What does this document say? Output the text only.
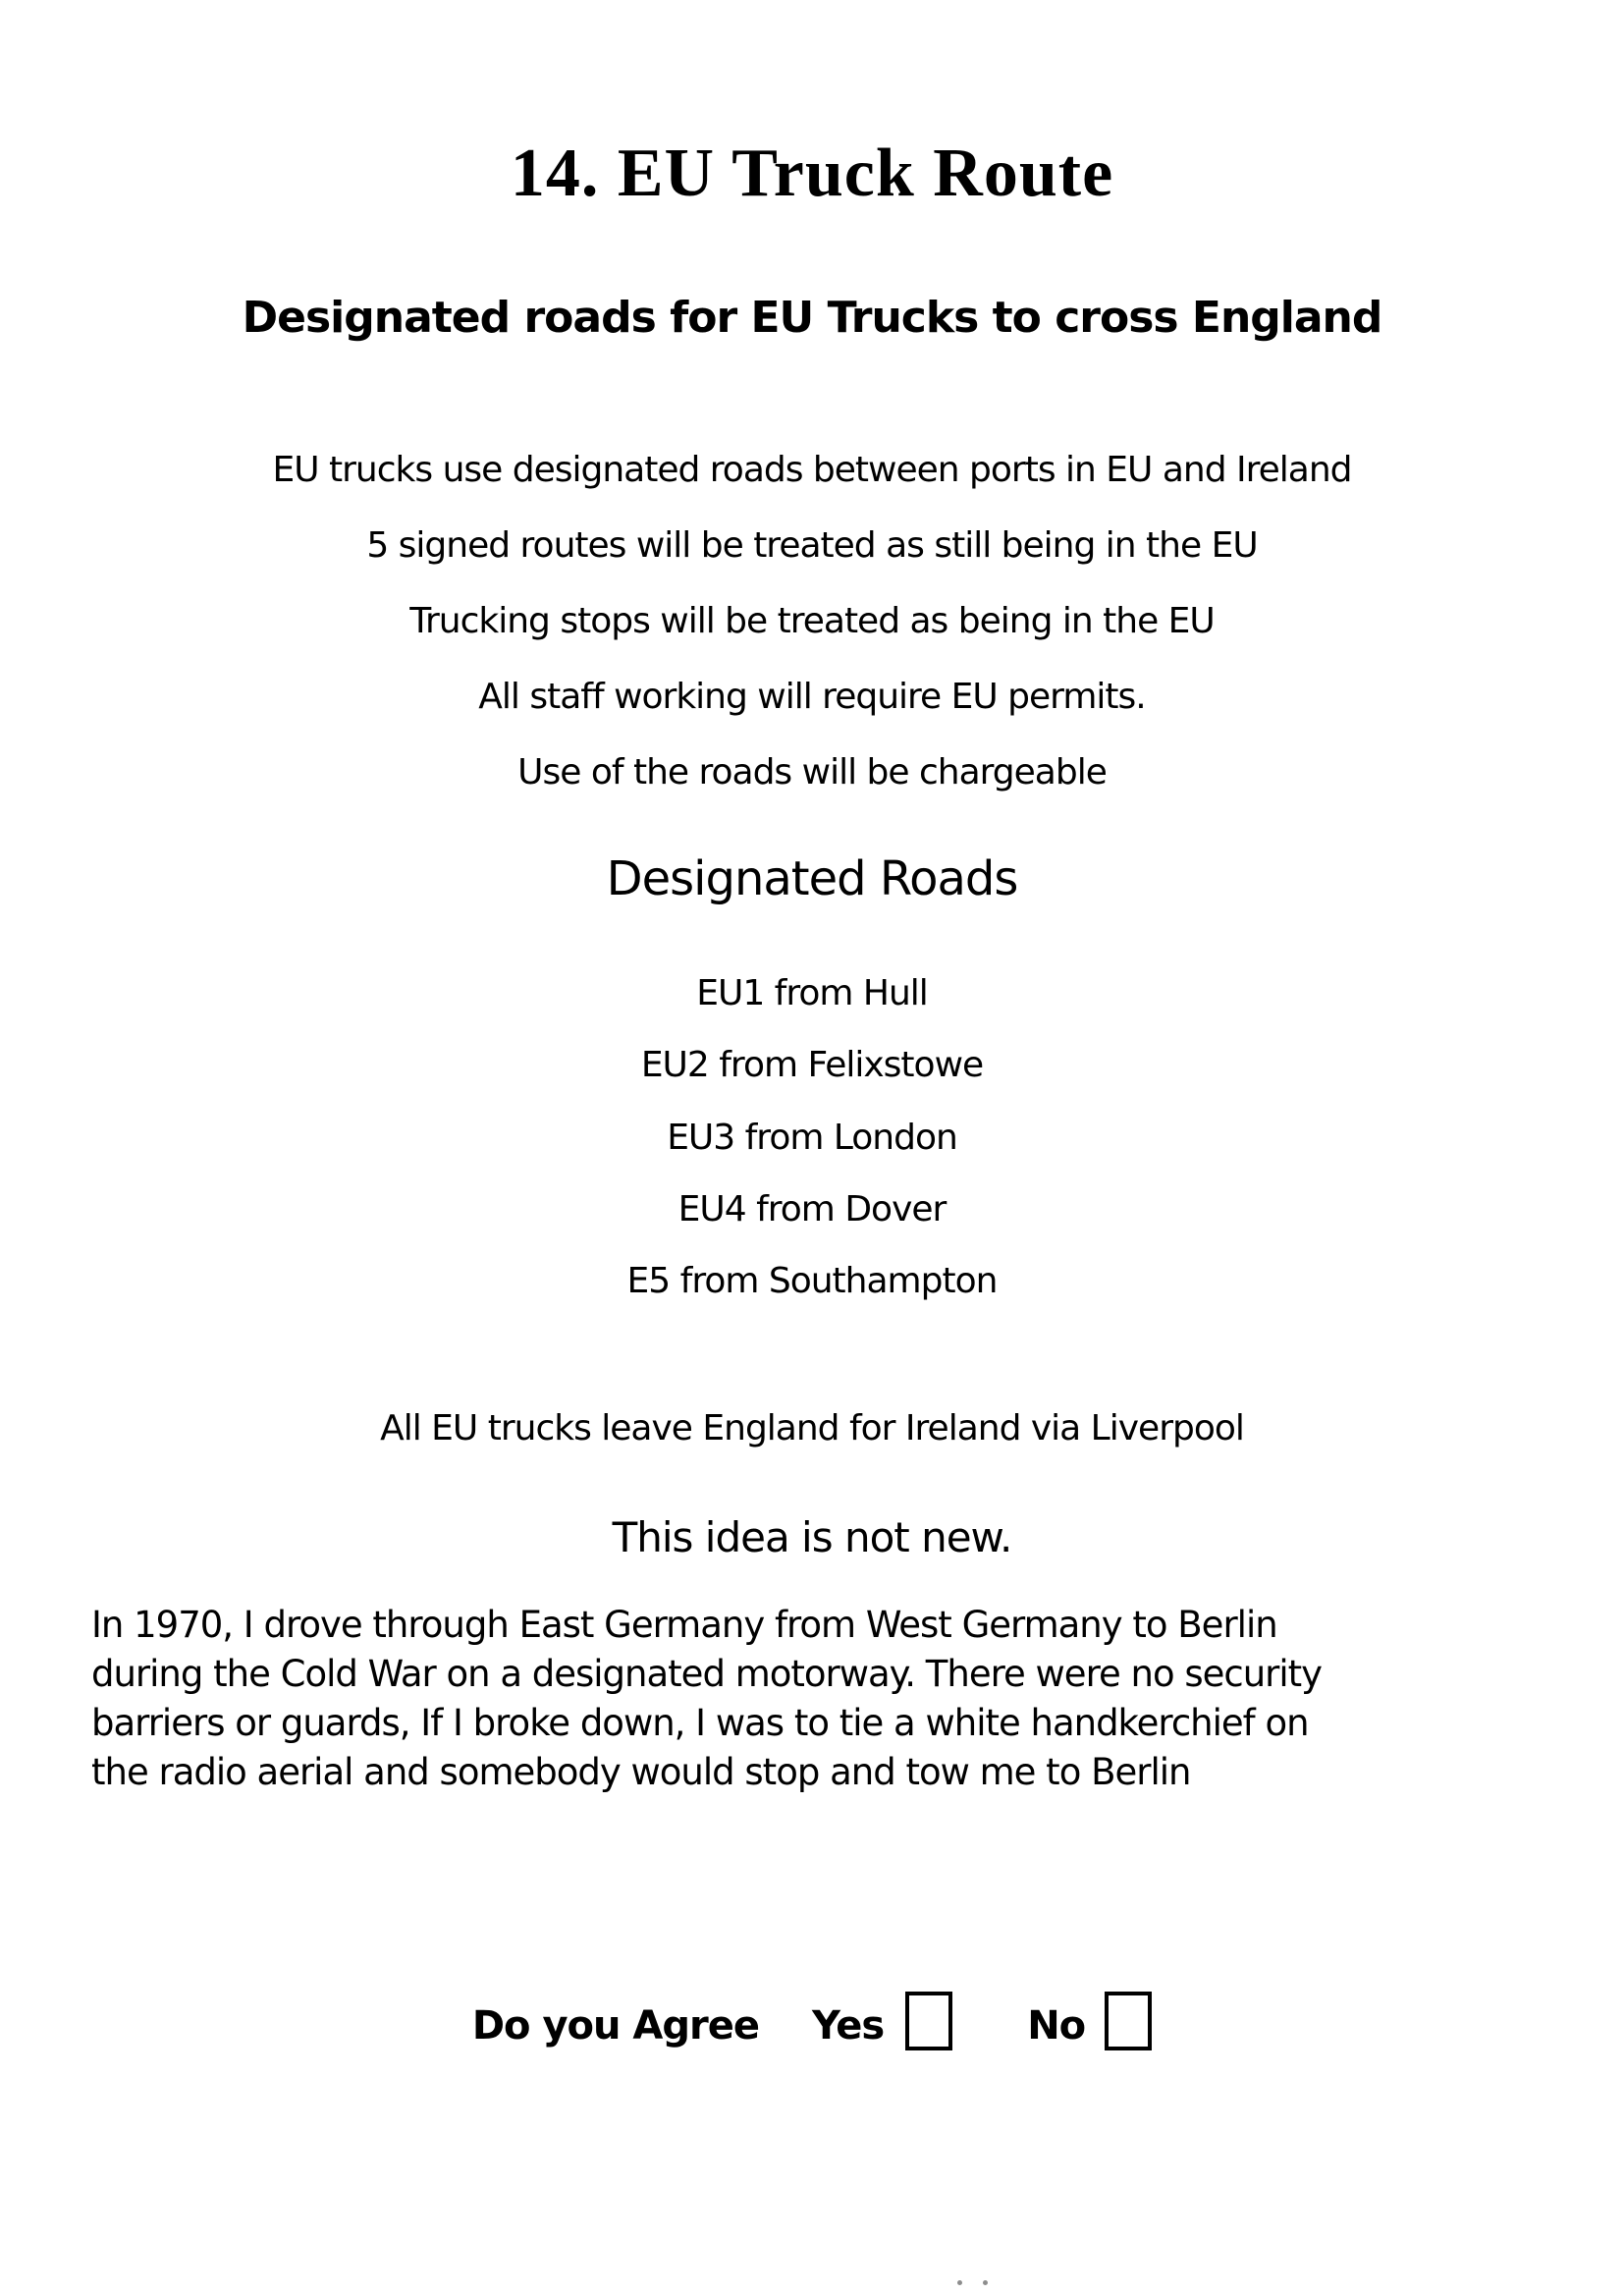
14. EU Truck Route
Designated roads for EU Trucks to cross England

EU trucks use designated roads between ports in EU and Ireland

5 signed routes will be treated as still being in the EU

Trucking stops will be treated as being in the EU

All staff working will require EU permits.

Use of the roads will be chargeable

Designated Roads

EU1 from Hull

EU2 from Felixstowe

EU3 from London

EU4 from Dover

E5 from Southampton

All EU trucks leave England for Ireland via Liverpool

This idea is not new.
In 1970, I drove through East Germany from West Germany to Berlin
during the Cold War on a designated motorway. There were no security
barriers or guards, If I broke down, I was to tie a white handkerchief on
the radio aerial and somebody would stop and tow me to Berlin
Do you Agree Yes	No
